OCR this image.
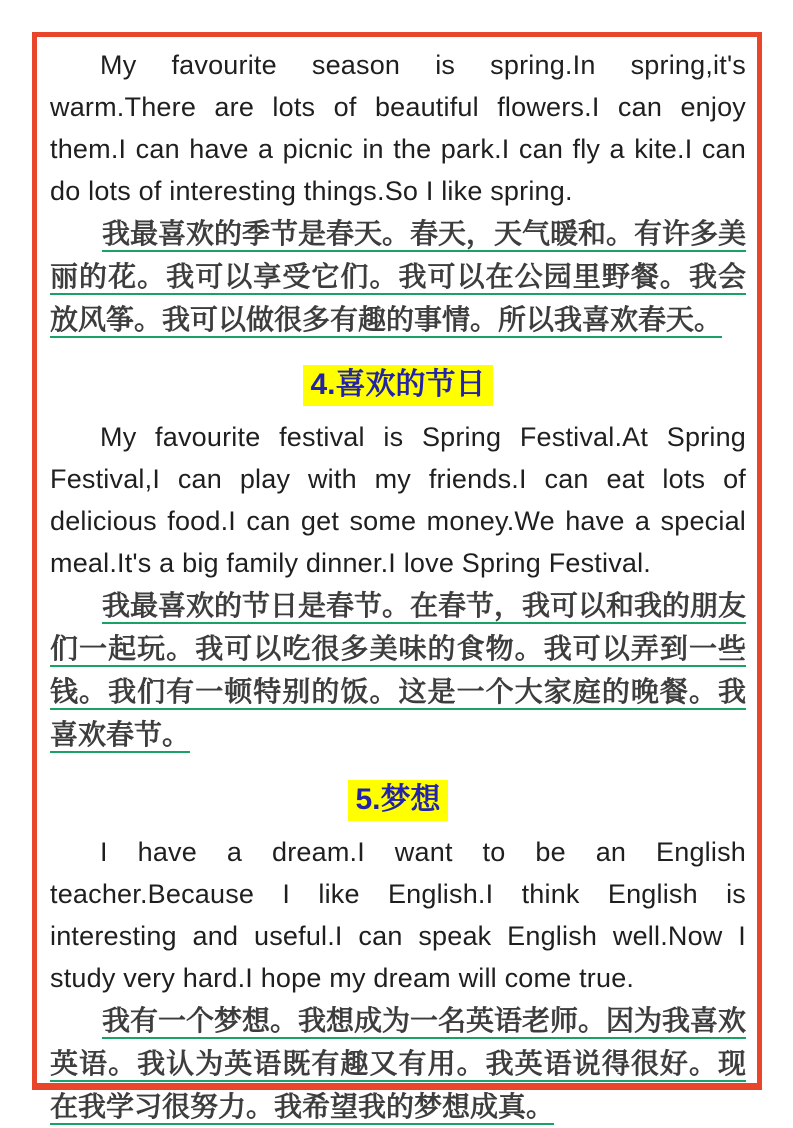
My favourite season is spring.In spring,it's warm.There are lots of beautiful flowers.I can enjoy them.I can have a picnic in the park.I can fly a kite.I can do lots of interesting things.So I like spring.

我最喜欢的季节是春天。春天，天气暖和。有许多美丽的花。我可以享受它们。我可以在公园里野餐。我会放风筝。我可以做很多有趣的事情。所以我喜欢春天。

4.喜欢的节日

My favourite festival is Spring Festival.At Spring Festival,I can play with my friends.I can eat lots of delicious food.I can get some money.We have a special meal.It's a big family dinner.I love Spring Festival.

我最喜欢的节日是春节。在春节，我可以和我的朋友们一起玩。我可以吃很多美味的食物。我可以弄到一些钱。我们有一顿特别的饭。这是一个大家庭的晚餐。我喜欢春节。

5.梦想

I have a dream.I want to be an English teacher.Because I like English.I think English is interesting and useful.I can speak English well.Now I study very hard.I hope my dream will come true.

我有一个梦想。我想成为一名英语老师。因为我喜欢英语。我认为英语既有趣又有用。我英语说得很好。现在我学习很努力。我希望我的梦想成真。
